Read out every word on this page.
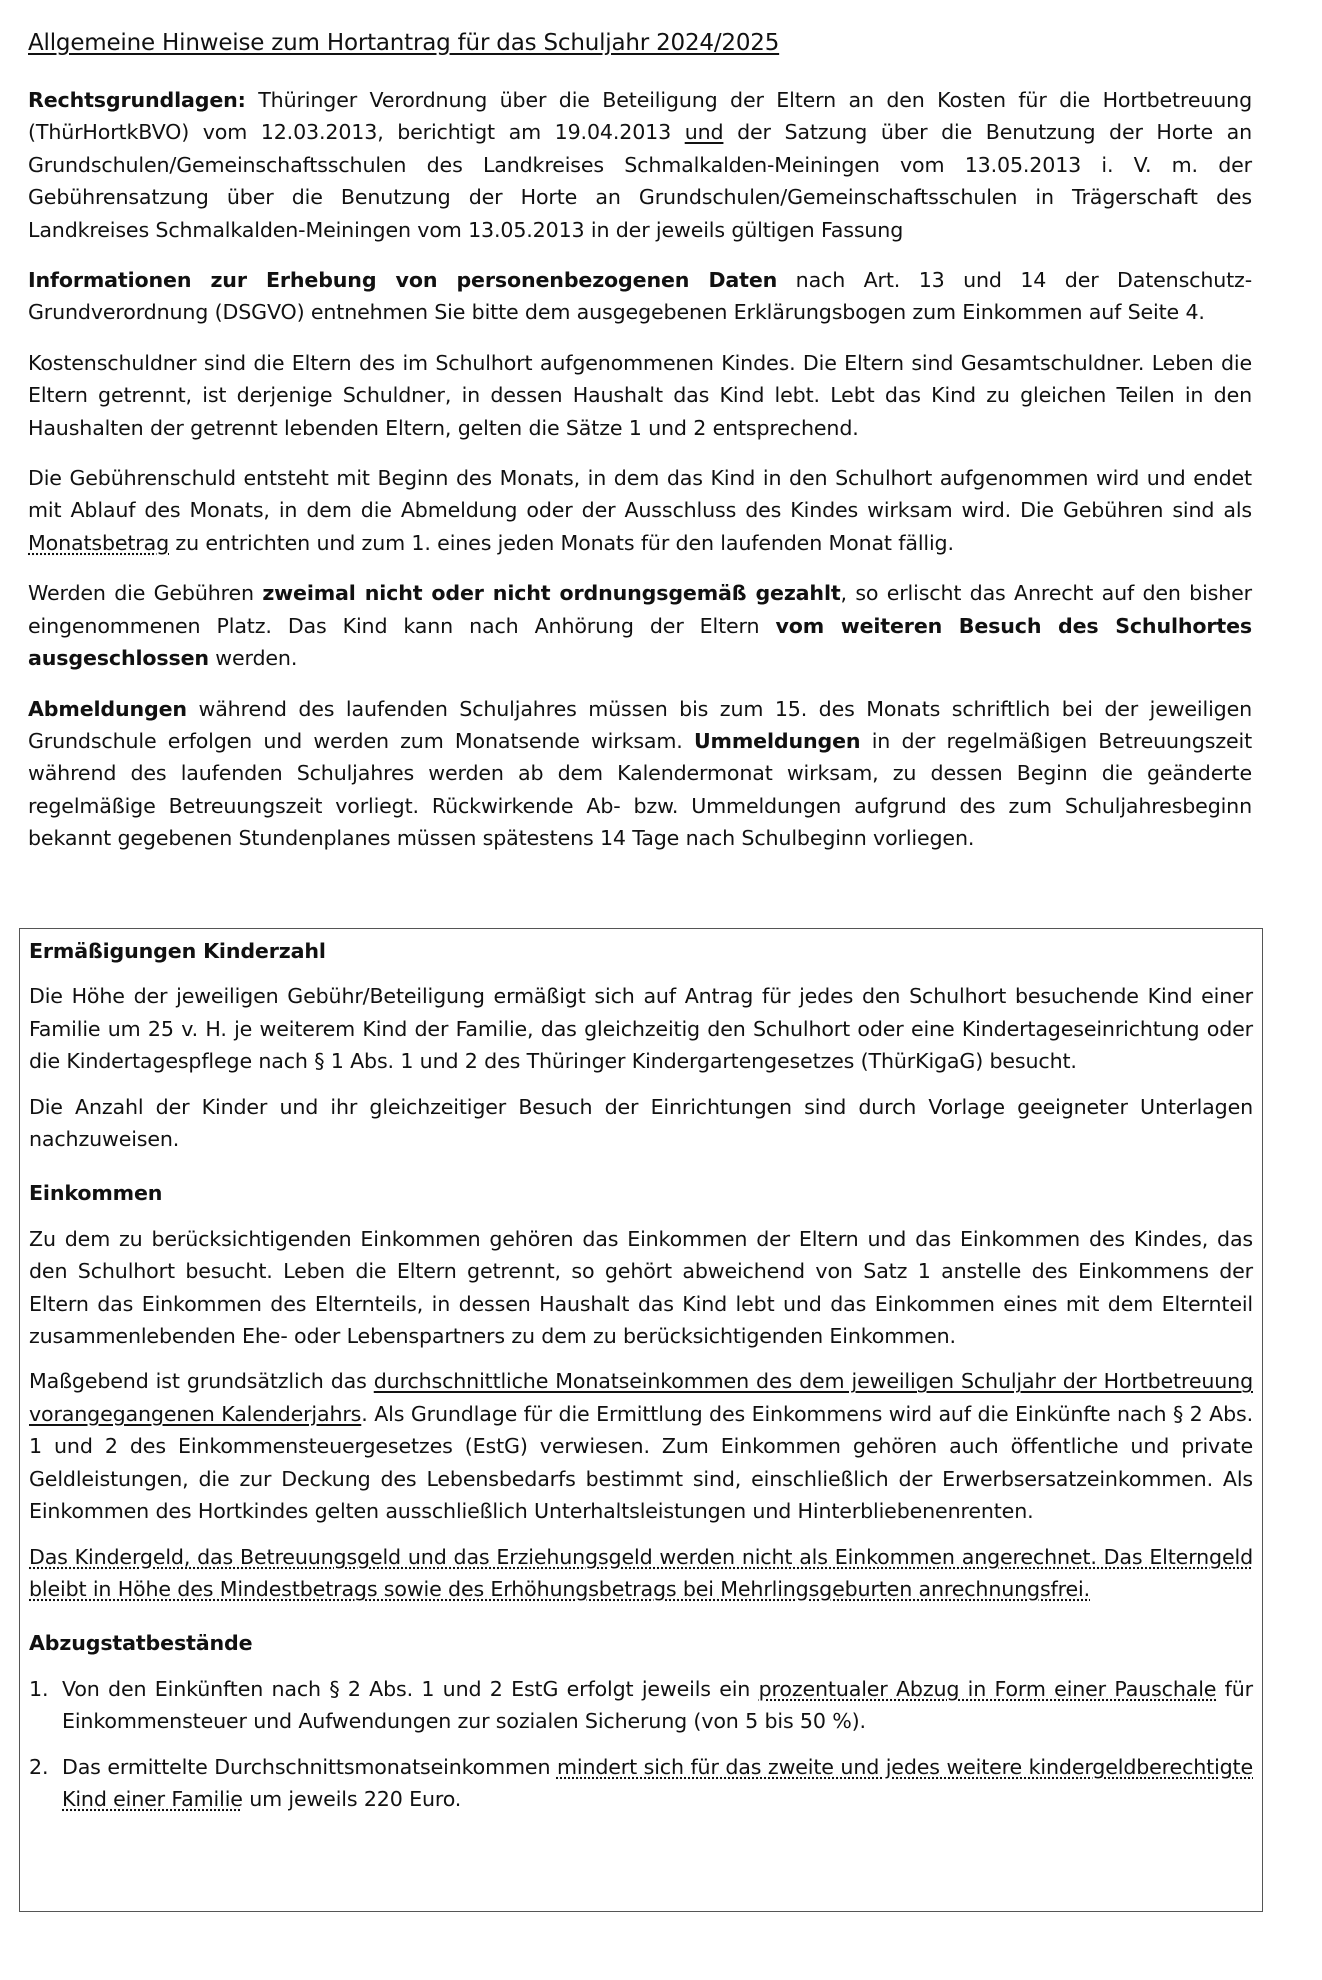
Allgemeine Hinweise zum Hortantrag für das Schuljahr 2024/2025

Rechtsgrundlagen: Thüringer Verordnung über die Beteiligung der Eltern an den Kosten für die Hortbetreuung (ThürHortkBVO) vom 12.03.2013, berichtigt am 19.04.2013 und der Satzung über die Benutzung der Horte an Grundschulen/Gemeinschaftsschulen des Landkreises Schmalkalden-Meiningen vom 13.05.2013 i. V. m. der Gebührensatzung über die Benutzung der Horte an Grundschulen/Gemeinschaftsschulen in Trägerschaft des Landkreises Schmalkalden-Meiningen vom 13.05.2013 in der jeweils gültigen Fassung

Informationen zur Erhebung von personenbezogenen Daten nach Art. 13 und 14 der Datenschutz-Grundverordnung (DSGVO) entnehmen Sie bitte dem ausgegebenen Erklärungsbogen zum Einkommen auf Seite 4.

Kostenschuldner sind die Eltern des im Schulhort aufgenommenen Kindes. Die Eltern sind Gesamtschuldner. Leben die Eltern getrennt, ist derjenige Schuldner, in dessen Haushalt das Kind lebt. Lebt das Kind zu gleichen Teilen in den Haushalten der getrennt lebenden Eltern, gelten die Sätze 1 und 2 entsprechend.

Die Gebührenschuld entsteht mit Beginn des Monats, in dem das Kind in den Schulhort aufgenommen wird und endet mit Ablauf des Monats, in dem die Abmeldung oder der Ausschluss des Kindes wirksam wird. Die Gebühren sind als Monatsbetrag zu entrichten und zum 1. eines jeden Monats für den laufenden Monat fällig.

Werden die Gebühren zweimal nicht oder nicht ordnungsgemäß gezahlt, so erlischt das Anrecht auf den bisher eingenommenen Platz. Das Kind kann nach Anhörung der Eltern vom weiteren Besuch des Schulhortes ausgeschlossen werden.

Abmeldungen während des laufenden Schuljahres müssen bis zum 15. des Monats schriftlich bei der jeweiligen Grundschule erfolgen und werden zum Monatsende wirksam. Ummeldungen in der regelmäßigen Betreuungszeit während des laufenden Schuljahres werden ab dem Kalendermonat wirksam, zu dessen Beginn die geänderte regelmäßige Betreuungszeit vorliegt. Rückwirkende Ab- bzw. Ummeldungen aufgrund des zum Schuljahresbeginn bekannt gegebenen Stundenplanes müssen spätestens 14 Tage nach Schulbeginn vorliegen.

Ermäßigungen Kinderzahl

Die Höhe der jeweiligen Gebühr/Beteiligung ermäßigt sich auf Antrag für jedes den Schulhort besuchende Kind einer Familie um 25 v. H. je weiterem Kind der Familie, das gleichzeitig den Schulhort oder eine Kindertageseinrichtung oder die Kindertagespflege nach § 1 Abs. 1 und 2 des Thüringer Kindergartengesetzes (ThürKigaG) besucht.

Die Anzahl der Kinder und ihr gleichzeitiger Besuch der Einrichtungen sind durch Vorlage geeigneter Unterlagen nachzuweisen.

Einkommen

Zu dem zu berücksichtigenden Einkommen gehören das Einkommen der Eltern und das Einkommen des Kindes, das den Schulhort besucht. Leben die Eltern getrennt, so gehört abweichend von Satz 1 anstelle des Einkommens der Eltern das Einkommen des Elternteils, in dessen Haushalt das Kind lebt und das Einkommen eines mit dem Elternteil zusammenlebenden Ehe- oder Lebenspartners zu dem zu berücksichtigenden Einkommen.

Maßgebend ist grundsätzlich das durchschnittliche Monatseinkommen des dem jeweiligen Schuljahr der Hortbetreuung vorangegangenen Kalenderjahrs. Als Grundlage für die Ermittlung des Einkommens wird auf die Einkünfte nach § 2 Abs. 1 und 2 des Einkommensteuergesetzes (EstG) verwiesen. Zum Einkommen gehören auch öffentliche und private Geldleistungen, die zur Deckung des Lebensbedarfs bestimmt sind, einschließlich der Erwerbsersatzeinkommen. Als Einkommen des Hortkindes gelten ausschließlich Unterhaltsleistungen und Hinterbliebenenrenten.

Das Kindergeld, das Betreuungsgeld und das Erziehungsgeld werden nicht als Einkommen angerechnet. Das Elterngeld bleibt in Höhe des Mindestbetrags sowie des Erhöhungsbetrags bei Mehrlingsgeburten anrechnungsfrei.

Abzugstatbestände
1. Von den Einkünften nach § 2 Abs. 1 und 2 EstG erfolgt jeweils ein prozentualer Abzug in Form einer Pauschale für Einkommensteuer und Aufwendungen zur sozialen Sicherung (von 5 bis 50 %).
2. Das ermittelte Durchschnittsmonatseinkommen mindert sich für das zweite und jedes weitere kindergeldberechtigte Kind einer Familie um jeweils 220 Euro.
